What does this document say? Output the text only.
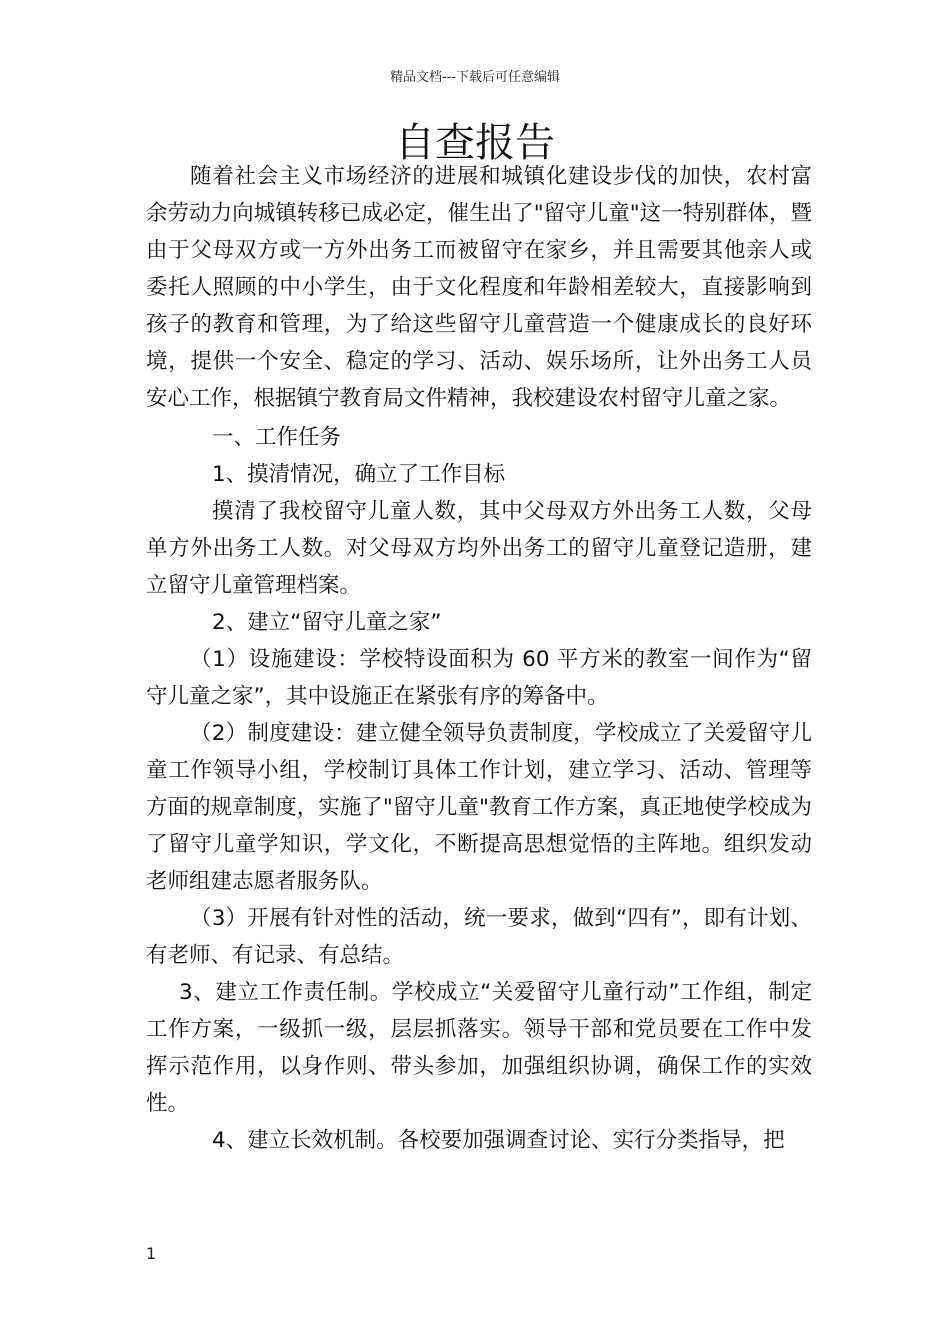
精品文档---下载后可任意编辑
自查报告

随着社会主义市场经济的进展和城镇化建设步伐的加快，农村富余劳动力向城镇转移已成必定，催生出了"留守儿童"这一特别群体，暨由于父母双方或一方外出务工而被留守在家乡，并且需要其他亲人或委托人照顾的中小学生，由于文化程度和年龄相差较大，直接影响到孩子的教育和管理，为了给这些留守儿童营造一个健康成长的良好环境，提供一个安全、稳定的学习、活动、娱乐场所，让外出务工人员安心工作，根据镇宁教育局文件精神，我校建设农村留守儿童之家。

一、工作任务

1、摸清情况，确立了工作目标

摸清了我校留守儿童人数，其中父母双方外出务工人数，父母单方外出务工人数。对父母双方均外出务工的留守儿童登记造册，建立留守儿童管理档案。

2、建立“留守儿童之家”

（1）设施建设：学校特设面积为 60 平方米的教室一间作为“留守儿童之家”，其中设施正在紧张有序的筹备中。

（2）制度建设：建立健全领导负责制度，学校成立了关爱留守儿童工作领导小组，学校制订具体工作计划，建立学习、活动、管理等方面的规章制度，实施了"留守儿童"教育工作方案，真正地使学校成为了留守儿童学知识，学文化，不断提高思想觉悟的主阵地。组织发动老师组建志愿者服务队。

（3）开展有针对性的活动，统一要求，做到“四有”，即有计划、有老师、有记录、有总结。

3、建立工作责任制。学校成立“关爱留守儿童行动”工作组，制定工作方案，一级抓一级，层层抓落实。领导干部和党员要在工作中发挥示范作用，以身作则、带头参加，加强组织协调，确保工作的实效性。

4、建立长效机制。各校要加强调查讨论、实行分类指导，把

1
